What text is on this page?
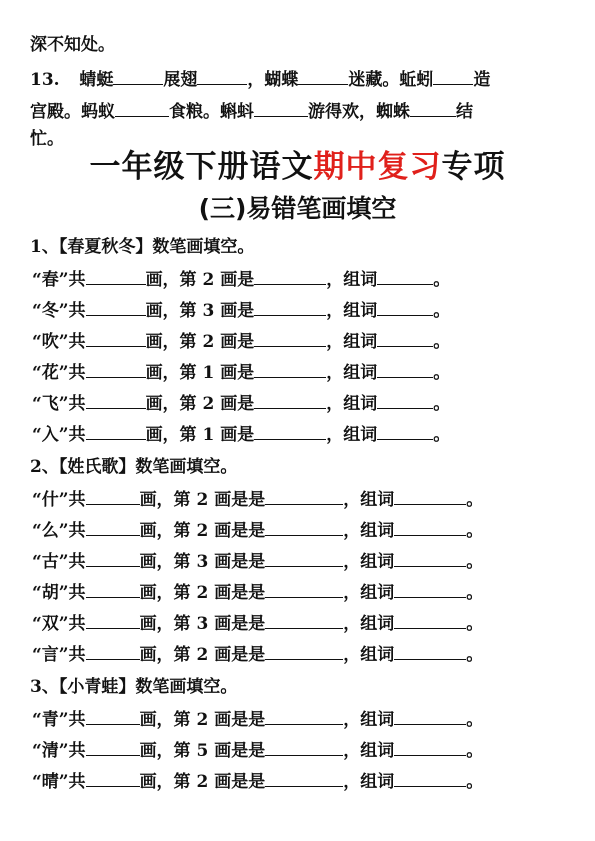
深不知处。
13. 蜻蜓	展翅	，蝴蝶	迷藏。蚯蚓 造
宫殿。蚂蚁	食粮。蝌蚪	游得欢，蜘蛛	结
忙。
一年级下册语文期中复习专项
(三)易错笔画填空
1、【春夏秋冬】数笔画填空。
“春”共	画，第 2 画是	，组词	。
“冬”共	画，第 3 画是	，组词	。
“吹”共	画，第 2 画是	，组词	。
“花”共	画，第 1 画是	，组词	。
“飞”共	画，第 2 画是	，组词	。
“入”共	画，第 1 画是	，组词	。
2、【姓氏歌】数笔画填空。
“什”共	画，第 2 画是是	，组词	。
“么”共	画，第 2 画是是	，组词	。
“古”共	画，第 3 画是是	，组词	。
“胡”共	画，第 2 画是是	，组词	。
“双”共	画，第 3 画是是	，组词	。
“言”共	画，第 2 画是是	，组词	。
3、【小青蛙】数笔画填空。
“青”共	画，第 2 画是是	，组词	。
“清”共	画，第 5 画是是	，组词	。
“晴”共	画，第 2 画是是	，组词	。
